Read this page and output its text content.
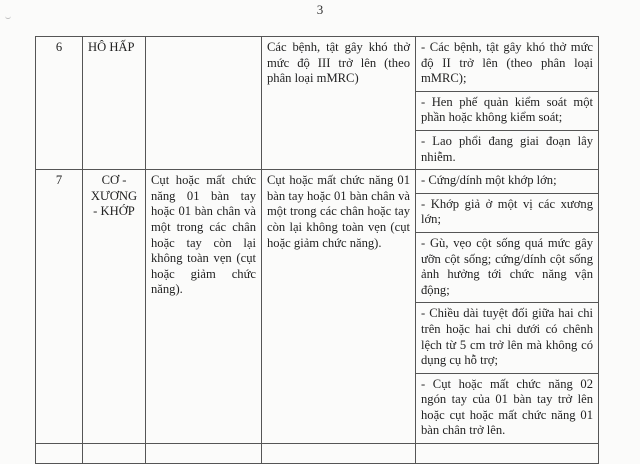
3
6	HÔ HẤP		Các bệnh, tật gây khó thở mức độ III trở lên (theo phân loại mMRC)	- Các bệnh, tật gây khó thở mức độ II trở lên (theo phân loại mMRC);
- Hen phế quản kiểm soát một phần hoặc không kiểm soát;
- Lao phổi đang giai đoạn lây nhiễm.

7	CƠ - XƯƠNG - KHỚP	Cụt hoặc mất chức năng 01 bàn tay hoặc 01 bàn chân và một trong các chân hoặc tay còn lại không toàn vẹn (cụt hoặc giảm chức năng).	Cụt hoặc mất chức năng 01 bàn tay hoặc 01 bàn chân và một trong các chân hoặc tay còn lại không toàn vẹn (cụt hoặc giảm chức năng).	- Cứng/dính một khớp lớn;
- Khớp giả ở một vị các xương lớn;
- Gù, vẹo cột sống quá mức gây ưỡn cột sống; cứng/dính cột sống ảnh hưởng tới chức năng vận động;
- Chiều dài tuyệt đối giữa hai chi trên hoặc hai chi dưới có chênh lệch từ 5 cm trở lên mà không có dụng cụ hỗ trợ;
- Cụt hoặc mất chức năng 02 ngón tay của 01 bàn tay trở lên hoặc cụt hoặc mất chức năng 01 bàn chân trở lên.
